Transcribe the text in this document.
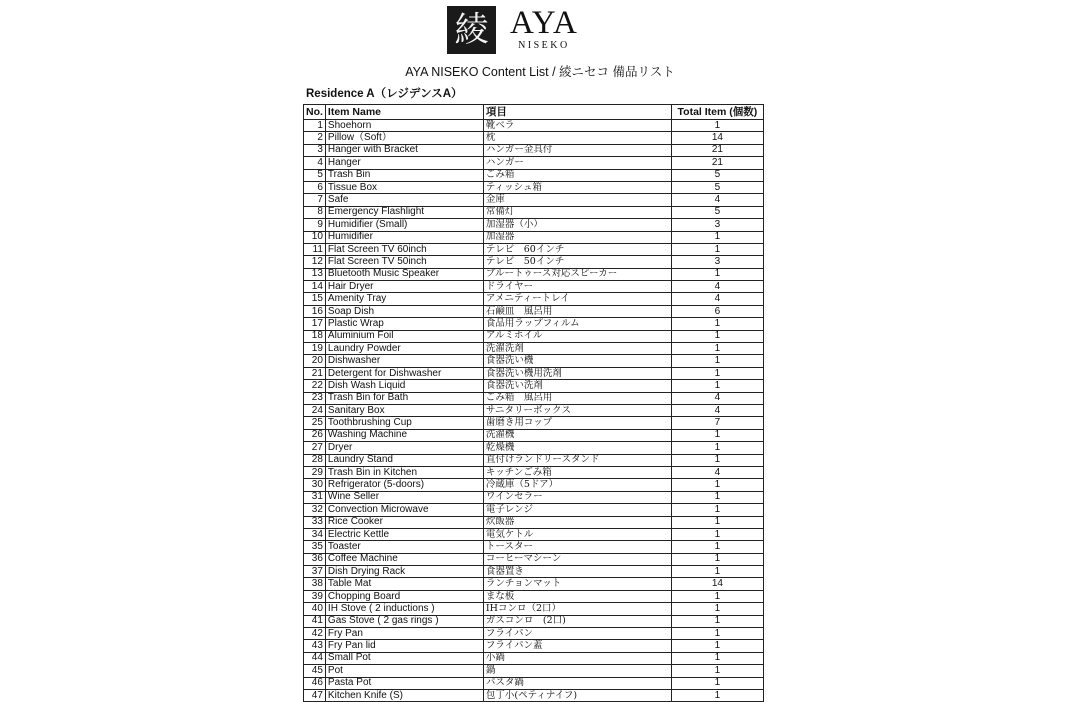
綾 AYA
NISEKO
AYA NISEKO Content List / 綾ニセコ 備品リスト
Residence A（レジデンスA）
No.	Item Name	項目	Total Item (個数)
1	Shoehorn	靴ベラ	1
2	Pillow（Soft）	枕	14
3	Hanger with Bracket	ハンガー金具付	21
4	Hanger	ハンガー	21
5	Trash Bin	ごみ箱	5
6	Tissue Box	ティッシュ箱	5
7	Safe	金庫	4
8	Emergency Flashlight	常備灯	5
9	Humidifier (Small)	加湿器（小）	3
10	Humidifier	加湿器	1
11	Flat Screen TV 60inch	テレビ　60インチ	1
12	Flat Screen TV 50inch	テレビ　50インチ	3
13	Bluetooth Music Speaker	ブルートゥース対応スピーカー	1
14	Hair Dryer	ドライヤー	4
15	Amenity Tray	アメニティートレイ	4
16	Soap Dish	石鹸皿　風呂用	6
17	Plastic Wrap	食品用ラップフィルム	1
18	Aluminium Foil	アルミホイル	1
19	Laundry Powder	洗濯洗剤	1
20	Dishwasher	食器洗い機	1
21	Detergent for Dishwasher	食器洗い機用洗剤	1
22	Dish Wash Liquid	食器洗い洗剤	1
23	Trash Bin for Bath	ごみ箱　風呂用	4
24	Sanitary Box	サニタリーボックス	4
25	Toothbrushing Cup	歯磨き用コップ	7
26	Washing Machine	洗濯機	1
27	Dryer	乾燥機	1
28	Laundry Stand	直付けランドリースタンド	1
29	Trash Bin in Kitchen	キッチンごみ箱	4
30	Refrigerator (5-doors)	冷蔵庫（5ドア）	1
31	Wine Seller	ワインセラー	1
32	Convection Microwave	電子レンジ	1
33	Rice Cooker	炊飯器	1
34	Electric Kettle	電気ケトル	1
35	Toaster	トースター	1
36	Coffee Machine	コーヒーマシーン	1
37	Dish Drying Rack	食器置き	1
38	Table Mat	ランチョンマット	14
39	Chopping Board	まな板	1
40	IH Stove ( 2 inductions )	IHコンロ（2口）	1
41	Gas Stove ( 2 gas rings )	ガスコンロ　(2口)	1
42	Fry Pan	フライパン	1
43	Fry Pan lid	フライパン蓋	1
44	Small Pot	小鍋	1
45	Pot	鍋	1
46	Pasta Pot	パスタ鍋	1
47	Kitchen Knife (S)	包丁小(ペティナイフ)	1
